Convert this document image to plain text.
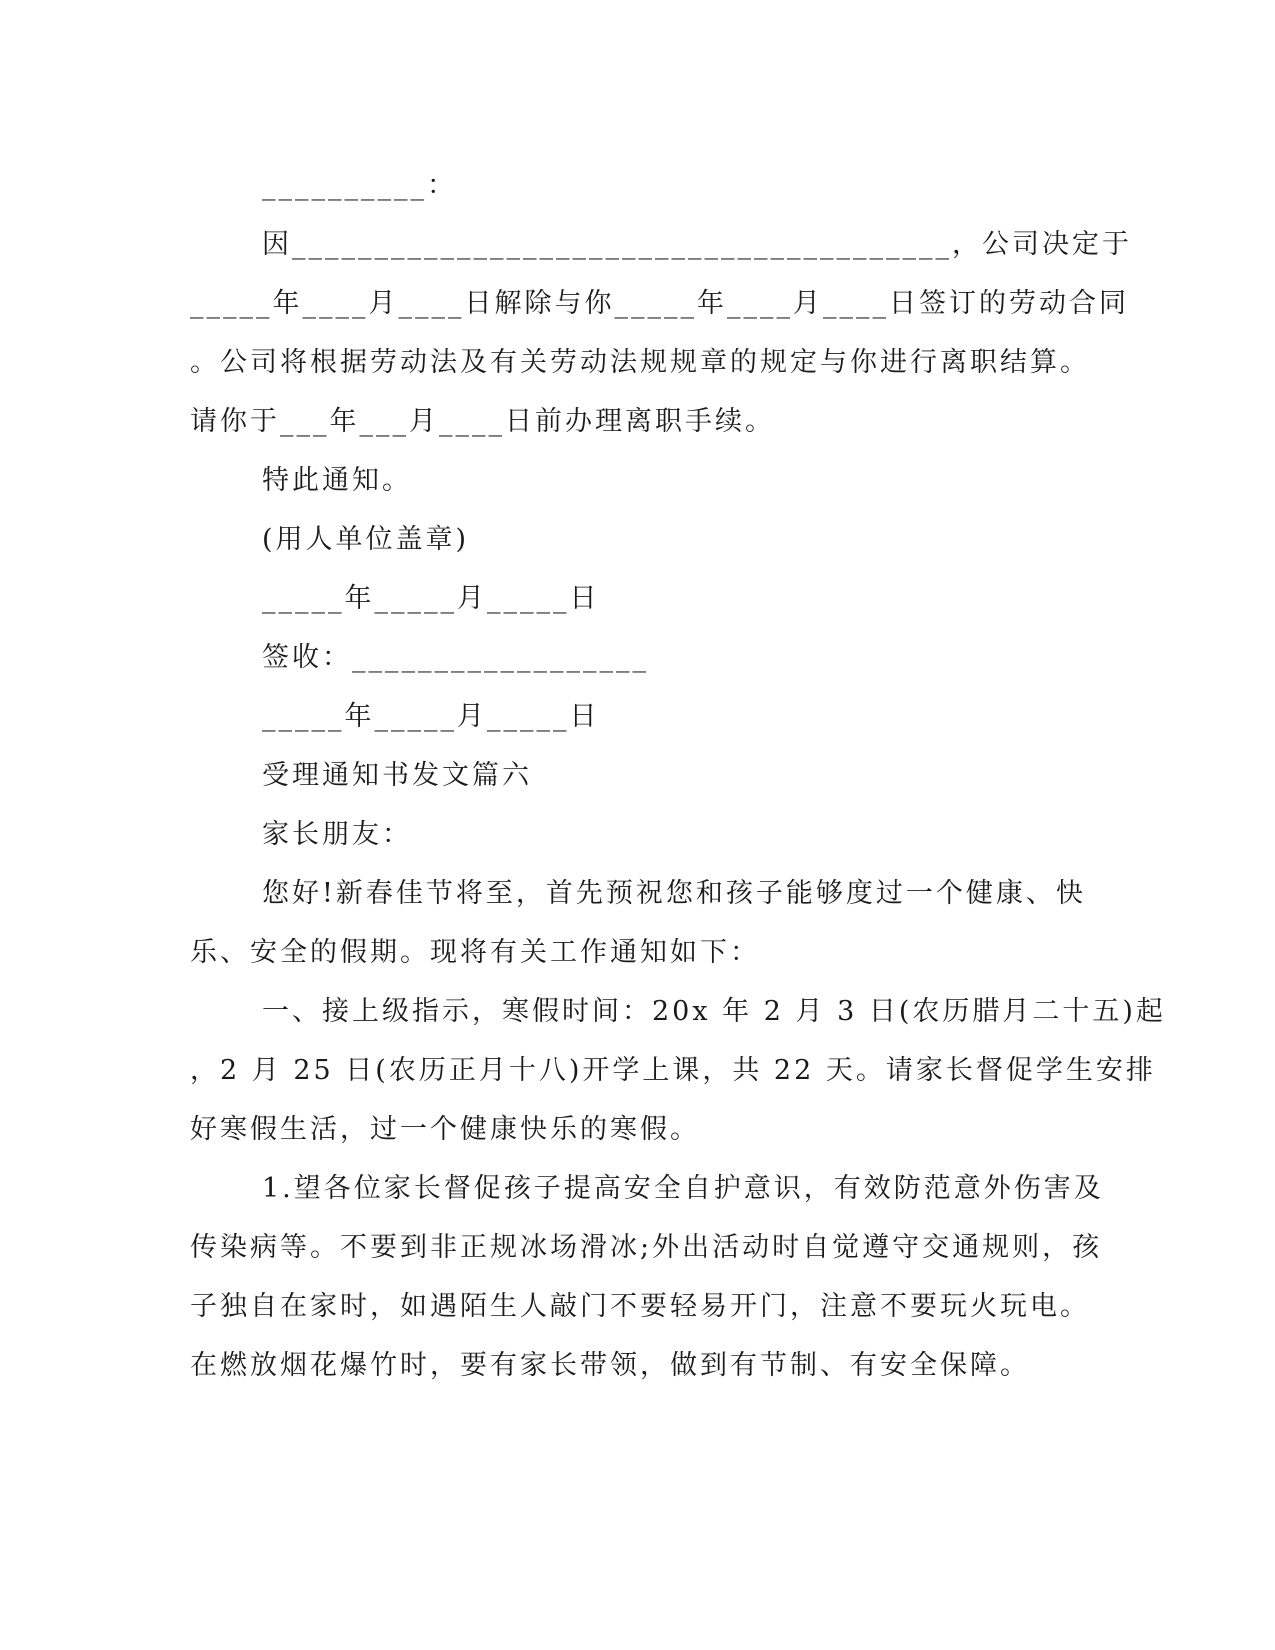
__________：
因________________________________________，公司决定于
_____年____月____日解除与你_____年____月____日签订的劳动合同
。公司将根据劳动法及有关劳动法规规章的规定与你进行离职结算。
请你于___年___月____日前办理离职手续。
特此通知。
(用人单位盖章)
_____年_____月_____日
签收：__________________
_____年_____月_____日
受理通知书发文篇六
家长朋友：
您好!新春佳节将至，首先预祝您和孩子能够度过一个健康、快
乐、安全的假期。现将有关工作通知如下：
一、接上级指示，寒假时间：20x 年 2 月 3 日(农历腊月二十五)起
，2 月 25 日(农历正月十八)开学上课，共 22 天。请家长督促学生安排
好寒假生活，过一个健康快乐的寒假。
1.望各位家长督促孩子提高安全自护意识，有效防范意外伤害及
传染病等。不要到非正规冰场滑冰;外出活动时自觉遵守交通规则，孩
子独自在家时，如遇陌生人敲门不要轻易开门，注意不要玩火玩电。
在燃放烟花爆竹时，要有家长带领，做到有节制、有安全保障。
